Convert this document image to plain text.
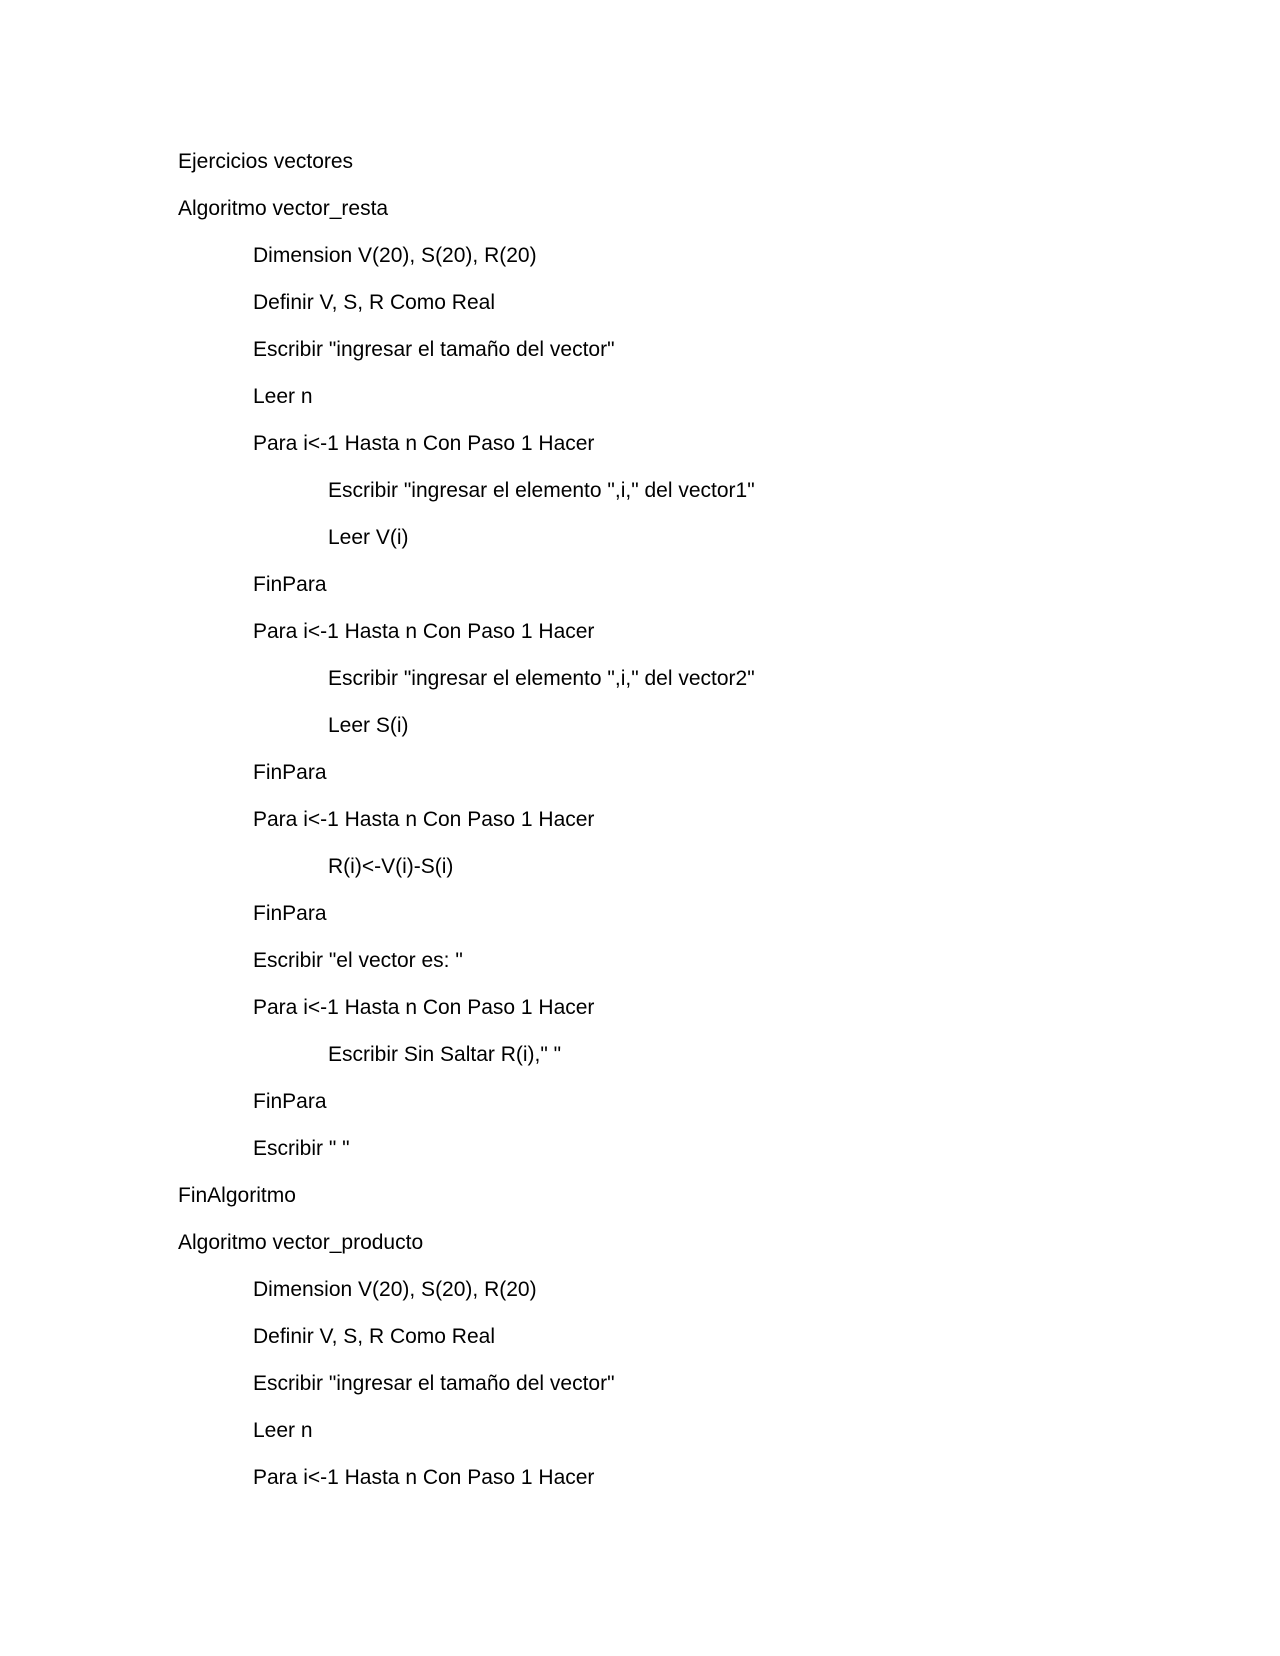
Ejercicios vectores
Algoritmo vector_resta
Dimension V(20), S(20), R(20)
Definir V, S, R Como Real
Escribir "ingresar el tamaño del vector"
Leer n
Para i<-1 Hasta n Con Paso 1 Hacer
Escribir "ingresar el elemento ",i," del vector1"
Leer V(i)
FinPara
Para i<-1 Hasta n Con Paso 1 Hacer
Escribir "ingresar el elemento ",i," del vector2"
Leer S(i)
FinPara
Para i<-1 Hasta n Con Paso 1 Hacer
R(i)<-V(i)-S(i)
FinPara
Escribir "el vector es: "
Para i<-1 Hasta n Con Paso 1 Hacer
Escribir Sin Saltar R(i)," "
FinPara
Escribir " "
FinAlgoritmo
Algoritmo vector_producto
Dimension V(20), S(20), R(20)
Definir V, S, R Como Real
Escribir "ingresar el tamaño del vector"
Leer n
Para i<-1 Hasta n Con Paso 1 Hacer
